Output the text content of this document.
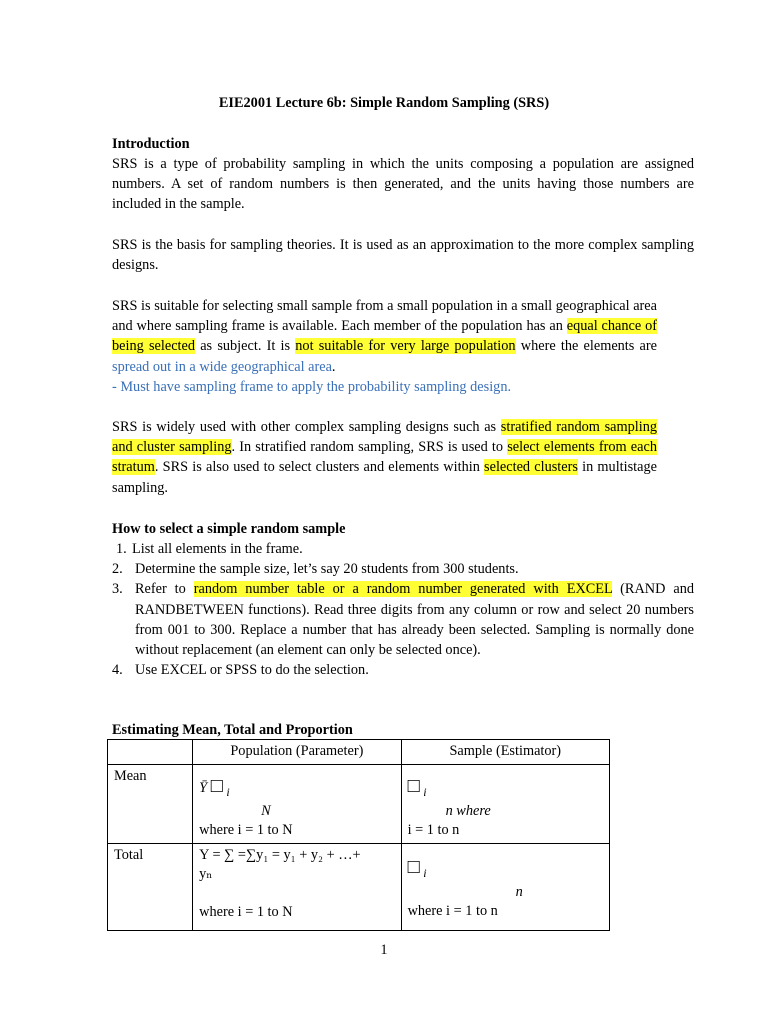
EIE2001 Lecture 6b: Simple Random Sampling (SRS)
Introduction
SRS is a type of probability sampling in which the units composing a population are assigned numbers. A set of random numbers is then generated, and the units having those numbers are included in the sample.
SRS is the basis for sampling theories. It is used as an approximation to the more complex sampling designs.
SRS is suitable for selecting small sample from a small population in a small geographical area and where sampling frame is available. Each member of the population has an equal chance of being selected as subject. It is not suitable for very large population where the elements are spread out in a wide geographical area.
- Must have sampling frame to apply the probability sampling design.
SRS is widely used with other complex sampling designs such as stratified random sampling and cluster sampling. In stratified random sampling, SRS is used to select elements from each stratum. SRS is also used to select clusters and elements within selected clusters in multistage sampling.
How to select a simple random sample
1. List all elements in the frame.
2. Determine the sample size, let’s say 20 students from 300 students.
3. Refer to random number table or a random number generated with EXCEL (RAND and RANDBETWEEN functions). Read three digits from any column or row and select 20 numbers from 001 to 300. Replace a number that has already been selected. Sampling is normally done without replacement (an element can only be selected once).
4. Use EXCEL or SPSS to do the selection.
Estimating Mean, Total and Proportion
	Population (Parameter)	Sample (Estimator)
Mean	Ȳ □ $_i$
N
where i = 1 to N	□ $_i$
n where
i = 1 to n
Total	Y = ∑ =∑y₁ = y₁ + y₂ + …+
yₙ

where i = 1 to N	□ $_i$
n
where i = 1 to n
1
